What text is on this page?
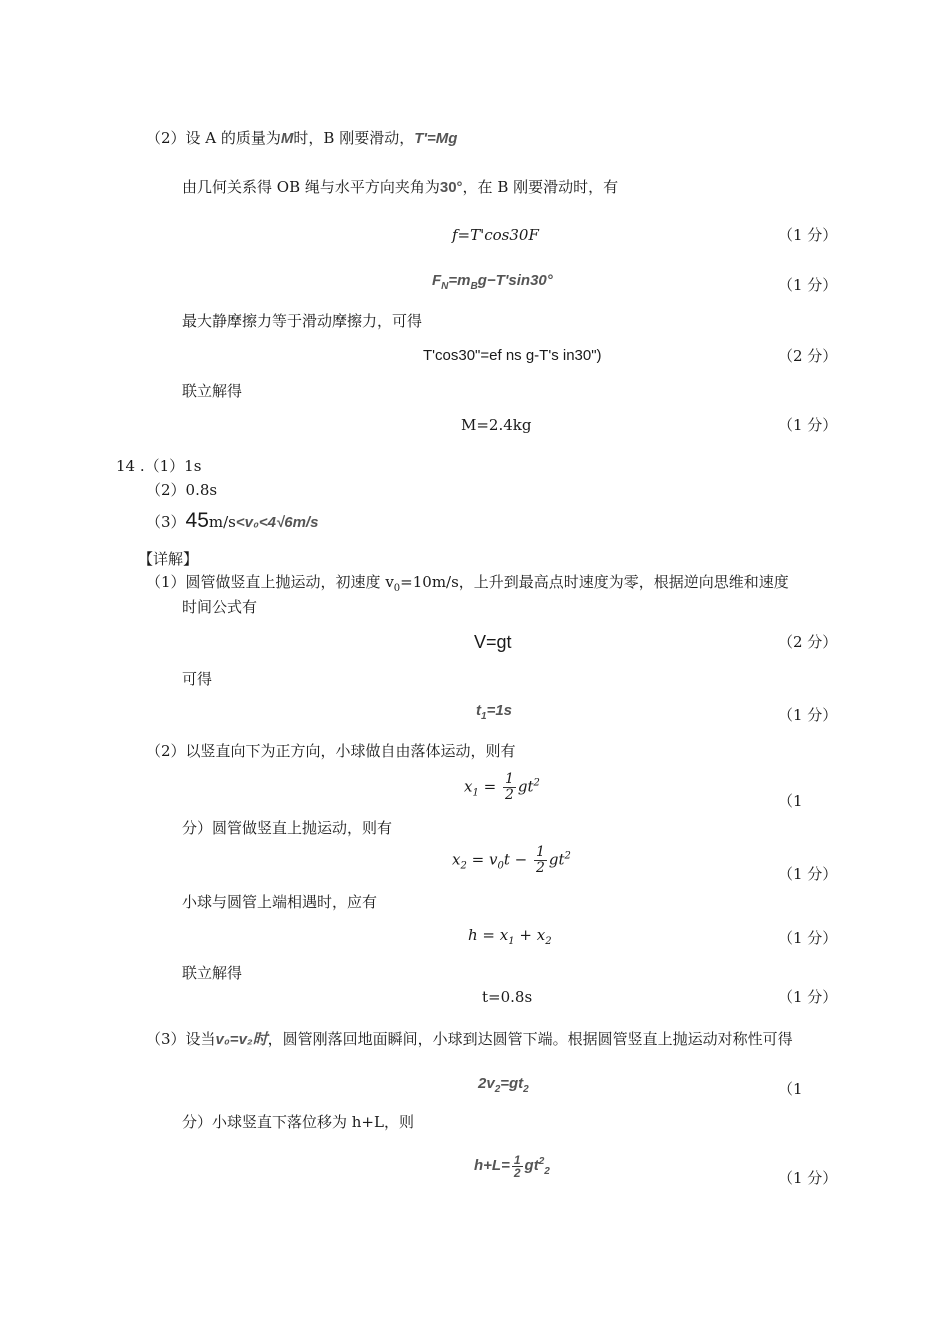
（2）设 A 的质量为M时，B 刚要滑动，T'=Mg
由几何关系得 OB 绳与水平方向夹角为30°，在 B 刚要滑动时，有
f=T'cos30F	（1 分）
$F_N=m_Bg-T'\sin 30^\circ$	（1 分）
最大静摩擦力等于滑动摩擦力，可得
T'cos30"=ef ns g-T's in30")	（2 分）
联立解得
M=2.4kg	（1 分）
14 .（1）1s
（2）0.8s
（3）45m/s<v₀<4√6m/s
【详解】
（1）圆管做竖直上抛运动，初速度 $v_0=10m/s$，上升到最高点时速度为零，根据逆向思维和速度
时间公式有
V=gt	（2 分）
可得
$t_1=1s$	（1 分）
（2）以竖直向下为正方向，小球做自由落体运动，则有
$x_1 = \frac{1}{2} gt^2$
（1
分）圆管做竖直上抛运动，则有
$x_2 = v_0t - \frac{1}{2} gt^2$
（1 分）
小球与圆管上端相遇时，应有
$h = x_1 + x_2$	（1 分）
联立解得
t=0.8s	（1 分）
（3）设当v₀=v₂时，圆管刚落回地面瞬间，小球到达圆管下端。根据圆管竖直上抛运动对称性可得
$2v_2=gt_2$	（1
分）小球竖直下落位移为 h+L，则
$h+L= \frac{1}{2} gt^2_2$	（1 分）
